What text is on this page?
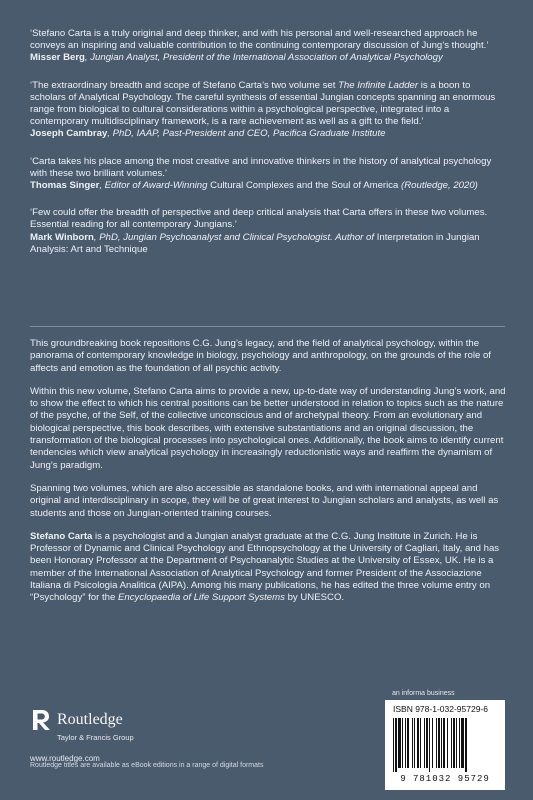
‘Stefano Carta is a truly original and deep thinker, and with his personal and well-researched approach he conveys an inspiring and valuable contribution to the continuing contemporary discussion of Jung’s thought.’
Misser Berg, Jungian Analyst, President of the International Association of Analytical Psychology
‘The extraordinary breadth and scope of Stefano Carta’s two volume set The Infinite Ladder is a boon to scholars of Analytical Psychology. The careful synthesis of essential Jungian concepts spanning an enormous range from biological to cultural considerations within a psychological perspective, integrated into a contemporary multidisciplinary framework, is a rare achievement as well as a gift to the field.’
Joseph Cambray, PhD, IAAP, Past-President and CEO, Pacifica Graduate Institute
‘Carta takes his place among the most creative and innovative thinkers in the history of analytical psychology with these two brilliant volumes.’
Thomas Singer, Editor of Award-Winning Cultural Complexes and the Soul of America (Routledge, 2020)
‘Few could offer the breadth of perspective and deep critical analysis that Carta offers in these two volumes. Essential reading for all contemporary Jungians.’
Mark Winborn, PhD, Jungian Psychoanalyst and Clinical Psychologist. Author of Interpretation in Jungian Analysis: Art and Technique

This groundbreaking book repositions C.G. Jung’s legacy, and the field of analytical psychology, within the panorama of contemporary knowledge in biology, psychology and anthropology, on the grounds of the role of affects and emotion as the foundation of all psychic activity.

Within this new volume, Stefano Carta aims to provide a new, up-to-date way of understanding Jung’s work, and to show the effect to which his central positions can be better understood in relation to topics such as the nature of the psyche, of the Self, of the collective unconscious and of archetypal theory. From an evolutionary and biological perspective, this book describes, with extensive substantiations and an original discussion, the transformation of the biological processes into psychological ones. Additionally, the book aims to identify current tendencies which view analytical psychology in increasingly reductionistic ways and reaffirm the dynamism of Jung’s paradigm.

Spanning two volumes, which are also accessible as standalone books, and with international appeal and original and interdisciplinary in scope, they will be of great interest to Jungian scholars and analysts, as well as students and those on Jungian-oriented training courses.

Stefano Carta is a psychologist and a Jungian analyst graduate at the C.G. Jung Institute in Zurich. He is Professor of Dynamic and Clinical Psychology and Ethnopsychology at the University of Cagliari, Italy, and has been Honorary Professor at the Department of Psychoanalytic Studies at the University of Essex, UK. He is a member of the International Association of Analytical Psychology and former President of the Associazione Italiana di Psicologia Analitica (AIPA). Among his many publications, he has edited the three volume entry on “Psychology” for the Encyclopaedia of Life Support Systems by UNESCO.

Routledge
Taylor & Francis Group
www.routledge.com
Routledge titles are available as eBook editions in a range of digital formats
an informa business
ISBN 978-1-032-95729-6
9 781032 95729
